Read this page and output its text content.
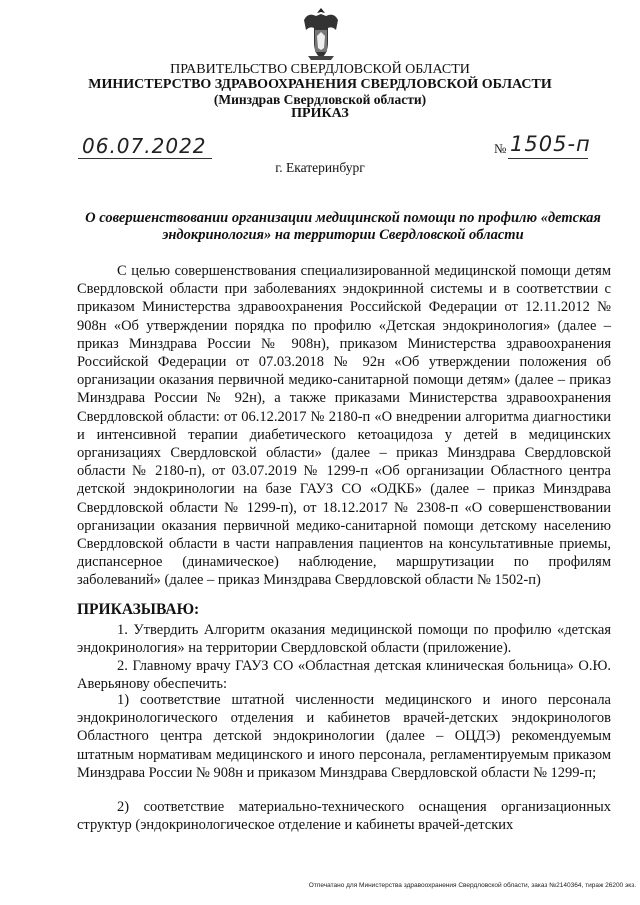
ПРАВИТЕЛЬСТВО СВЕРДЛОВСКОЙ ОБЛАСТИ
МИНИСТЕРСТВО ЗДРАВООХРАНЕНИЯ СВЕРДЛОВСКОЙ ОБЛАСТИ
(Минздрав Свердловской области)
ПРИКАЗ
06.07.2022	№ 1505-п
г. Екатеринбург
О совершенствовании организации медицинской помощи по профилю «детская эндокринология» на территории Свердловской области
С целью совершенствования специализированной медицинской помощи детям Свердловской области при заболеваниях эндокринной системы и в соответствии с приказом Министерства здравоохранения Российской Федерации от 12.11.2012 № 908н «Об утверждении порядка по профилю «Детская эндокринология» (далее – приказ Минздрава России № 908н), приказом Министерства здравоохранения Российской Федерации от 07.03.2018 № 92н «Об утверждении положения об организации оказания первичной медико-санитарной помощи детям» (далее – приказ Минздрава России № 92н), а также приказами Министерства здравоохранения Свердловской области: от 06.12.2017 № 2180-п «О внедрении алгоритма диагностики и интенсивной терапии диабетического кетоацидоза у детей в медицинских организациях Свердловской области» (далее – приказ Минздрава Свердловской области № 2180-п), от 03.07.2019 № 1299-п «Об организации Областного центра детской эндокринологии на базе ГАУЗ СО «ОДКБ» (далее – приказ Минздрава Свердловской области № 1299-п), от 18.12.2017 № 2308-п «О совершенствовании организации оказания первичной медико-санитарной помощи детскому населению Свердловской области в части направления пациентов на консультативные приемы, диспансерное (динамическое) наблюдение, маршрутизации по профилям заболеваний» (далее – приказ Минздрава Свердловской области № 1502-п)
ПРИКАЗЫВАЮ:
1. Утвердить Алгоритм оказания медицинской помощи по профилю «детская эндокринология» на территории Свердловской области (приложение).
2. Главному врачу ГАУЗ СО «Областная детская клиническая больница» О.Ю. Аверьянову обеспечить:
1) соответствие штатной численности медицинского и иного персонала эндокринологического отделения и кабинетов врачей-детских эндокринологов Областного центра детской эндокринологии (далее – ОЦДЭ) рекомендуемым штатным нормативам медицинского и иного персонала, регламентируемым приказом Минздрава России № 908н и приказом Минздрава Свердловской области № 1299-п;
2) соответствие материально-технического оснащения организационных структур (эндокринологическое отделение и кабинеты врачей-детских
Отпечатано для Министерства здравоохранения Свердловской области, заказ №2140364, тираж 26200 экз.
